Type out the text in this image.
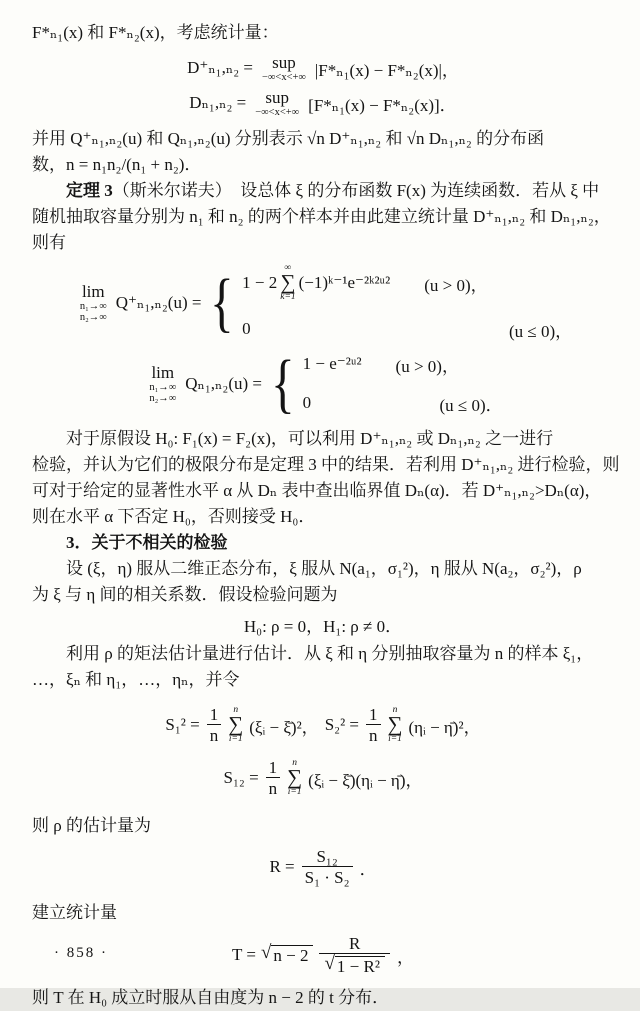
F*ₙ₁(x) 和 F*ₙ₂(x)，考虑统计量：
D⁺ₙ₁,ₙ₂ = sup
−∞<x<+∞ |F*ₙ₁(x) − F*ₙ₂(x)|，
Dₙ₁,ₙ₂ = sup
−∞<x<+∞ [F*ₙ₁(x) − F*ₙ₂(x)]．
并用 Q⁺ₙ₁,ₙ₂(u) 和 Qₙ₁,ₙ₂(u) 分别表示 √n D⁺ₙ₁,ₙ₂ 和 √n Dₙ₁,ₙ₂ 的分布函
数，n = n₁n₂/(n₁ + n₂)．
定理 3（斯米尔诺夫）　设总体 ξ 的分布函数 F(x) 为连续函数．若从 ξ 中
随机抽取容量分别为 n₁ 和 n₂ 的两个样本并由此建立统计量 D⁺ₙ₁,ₙ₂ 和 Dₙ₁,ₙ₂，
则有
lim
n₁→∞
n₂→∞
Q⁺ₙ₁,ₙ₂(u) = { 1 − 2
∞
∑
k=1
(−1)ᵏ⁻¹e⁻²ᵏ²ᵘ² (u > 0)，
0	(u ≤ 0)，
lim
n₁→∞
n₂→∞
Qₙ₁,ₙ₂(u) = { 1 − e⁻²ᵘ² (u > 0)，
0	(u ≤ 0)．
对于原假设 H₀: F₁(x) = F₂(x)，可以利用 D⁺ₙ₁,ₙ₂ 或 Dₙ₁,ₙ₂ 之一进行
检验，并认为它们的极限分布是定理 3 中的结果．若利用 D⁺ₙ₁,ₙ₂ 进行检验，则
可对于给定的显著性水平 α 从 Dₙ 表中查出临界值 Dₙ(α)．若 D⁺ₙ₁,ₙ₂>Dₙ(α)，
则在水平 α 下否定 H₀，否则接受 H₀．
3．关于不相关的检验
设 (ξ，η) 服从二维正态分布，ξ 服从 N(a₁，σ₁²)，η 服从 N(a₂，σ₂²)，ρ
为 ξ 与 η 间的相关系数．假设检验问题为
H₀: ρ = 0，H₁: ρ ≠ 0．
利用 ρ 的矩法估计量进行估计．从 ξ 和 η 分别抽取容量为 n 的样本 ξ₁，
…，ξₙ 和 η₁，…，ηₙ，并令
$S_1^2 = \frac{1}{n}$ n
∑
i=1
(ξᵢ − ξ̄)²， $S_2^2 = \frac{1}{n}$ n
∑
i=1
(ηᵢ − η̄)²，
$S_{12} = \frac{1}{n}$ n
∑
i=1
(ξᵢ − ξ̄)(ηᵢ − η̄)，
则 ρ 的估计量为
$R = \frac{\text{S₁₂}}{\text{S₁ · S₂}}$ ．
建立统计量
T = √ $n - 2 \frac{R}{\text{√ 1 − R²}}$ ，
则 T 在 H₀ 成立时服从自由度为 n − 2 的 t 分布．
· 858 ·
